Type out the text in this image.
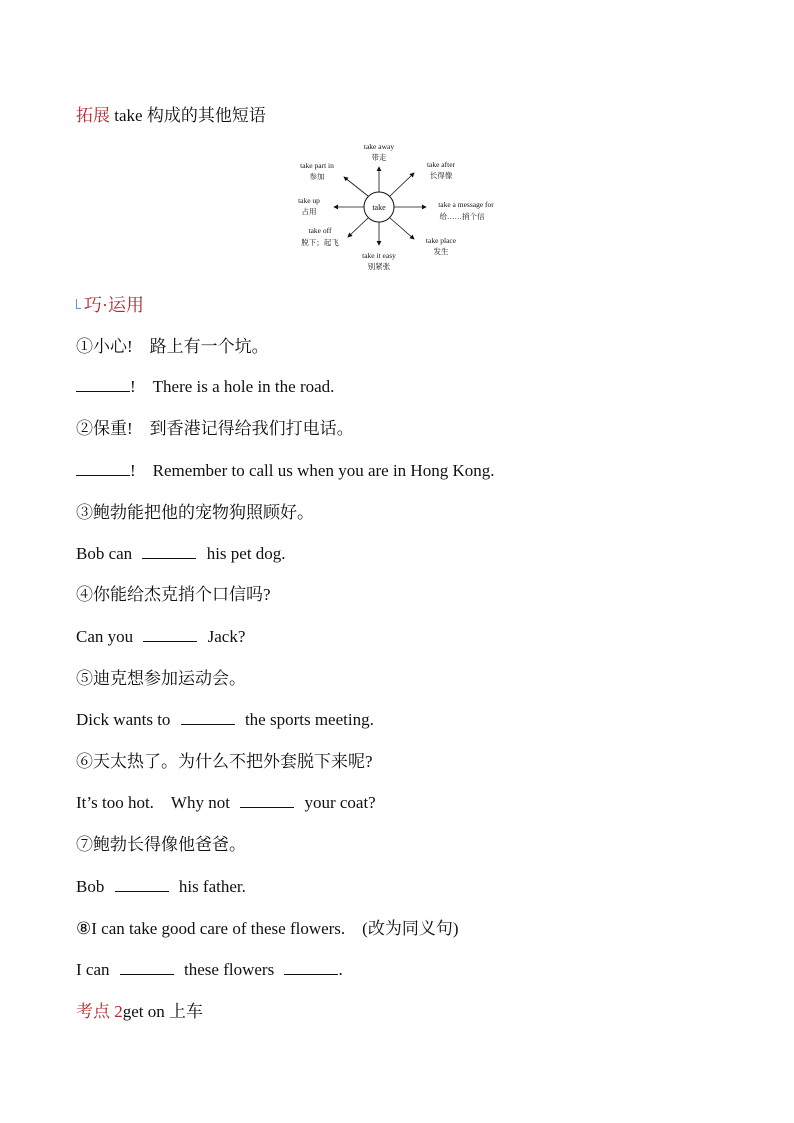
拓展 take 构成的其他短语
take
take away
带走
take after
长得像
take a message for
给……捎个信
take place
发生
take it easy
别紧张
take off
脱下；起飞
take up
占用
take part in
参加
巧·运用
①小心!　路上有一个坑。
!　There is a hole in the road.
②保重!　到香港记得给我们打电话。
!　Remember to call us when you are in Hong Kong.
③鲍勃能把他的宠物狗照顾好。
Bob can	his pet dog.
④你能给杰克捎个口信吗?
Can you	Jack?
⑤迪克想参加运动会。
Dick wants to	the sports meeting.
⑥天太热了。为什么不把外套脱下来呢?
It’s too hot.　Why not	your coat?
⑦鲍勃长得像他爸爸。
Bob	his father.
⑧I can take good care of these flowers.　(改为同义句)
I can	these flowers	.
考点 2get on 上车
